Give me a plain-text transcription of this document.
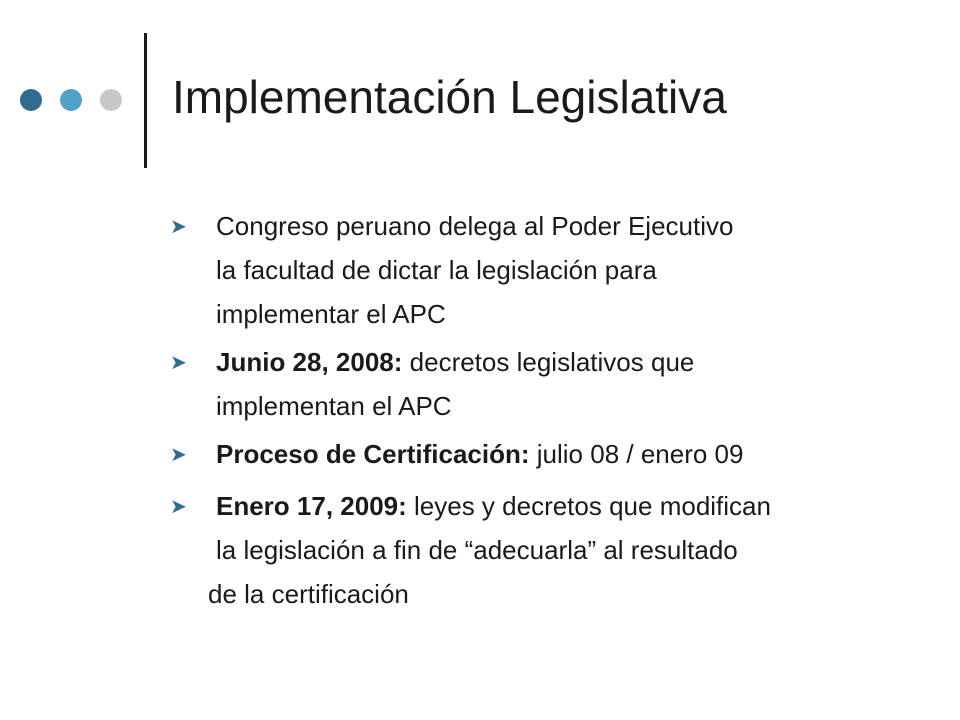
Implementación Legislativa
➤ Congreso peruano delega al Poder Ejecutivo
la facultad de dictar la legislación para
implementar el APC
➤ Junio 28, 2008: decretos legislativos que
implementan el APC
➤ Proceso de Certificación: julio 08 / enero 09
➤ Enero 17, 2009: leyes y decretos que modifican
la legislación a fin de “adecuarla” al resultado
de la certificación
